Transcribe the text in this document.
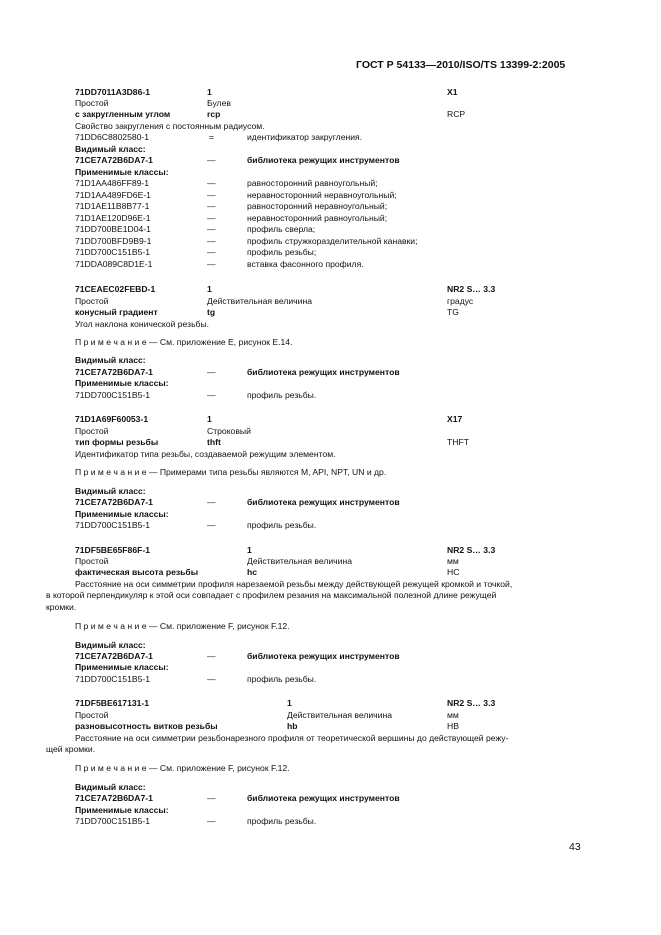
ГОСТ Р 54133—2010/ISO/TS 13399-2:2005
71DD7011A3D86-1	1	X1
Простой	Булев
с закругленным углом	rcp	RCP
Свойство закругления с постоянным радиусом.
71DD6C8802580-1	=	идентификатор закругления.
Видимый класс:
71CE7A72B6DA7-1	—	библиотека режущих инструментов
Применимые классы:
71D1AA486FF89-1	—	равносторонний равноугольный;
71D1AA489FD6E-1	—	неравносторонний неравноугольный;
71D1AE11B8B77-1	—	равносторонний неравноугольный;
71D1AE120D96E-1	—	неравносторонний равноугольный;
71DD700BE1D04-1	—	профиль сверла;
71DD700BFD9B9-1	—	профиль стружкоразделительной канавки;
71DD700C151B5-1	—	профиль резьбы;
71DDA089C8D1E-1	—	вставка фасонного профиля.
71CEAEC02FEBD-1	1	NR2 S… 3.3
Простой	Действительная величина	градус
конусный градиент	tg	TG
Угол наклона конической резьбы.
П р и м е ч а н и е — См. приложение Е, рисунок Е.14.
Видимый класс:
71CE7A72B6DA7-1	—	библиотека режущих инструментов
Применимые классы:
71DD700C151B5-1	—	профиль резьбы.
71D1A69F60053-1	1	X17
Простой	Строковый
тип формы резьбы	thft	THFT
Идентификатор типа резьбы, создаваемой режущим элементом.
П р и м е ч а н и е — Примерами типа резьбы являются M, API, NPT, UN и др.
Видимый класс:
71CE7A72B6DA7-1	—	библиотека режущих инструментов
Применимые классы:
71DD700C151B5-1	—	профиль резьбы.
71DF5BE65F86F-1	1	NR2 S… 3.3
Простой	Действительная величина	мм
фактическая высота резьбы	hc	HC
Расстояние на оси симметрии профиля нарезаемой резьбы между действующей режущей кромкой и точкой,
в которой перпендикуляр к этой оси совпадает с профилем резания на максимальной полезной длине режущей
кромки.
П р и м е ч а н и е — См. приложение F, рисунок F.12.
Видимый класс:
71CE7A72B6DA7-1	—	библиотека режущих инструментов
Применимые классы:
71DD700C151B5-1	—	профиль резьбы.
71DF5BE617131-1	1	NR2 S… 3.3
Простой	Действительная величина	мм
разновысотность витков резьбы	hb	HB
Расстояние на оси симметрии резьбонарезного профиля от теоретической вершины до действующей режу-
щей кромки.
П р и м е ч а н и е — См. приложение F, рисунок F.12.
Видимый класс:
71CE7A72B6DA7-1	—	библиотека режущих инструментов
Применимые классы:
71DD700C151B5-1	—	профиль резьбы.
43
